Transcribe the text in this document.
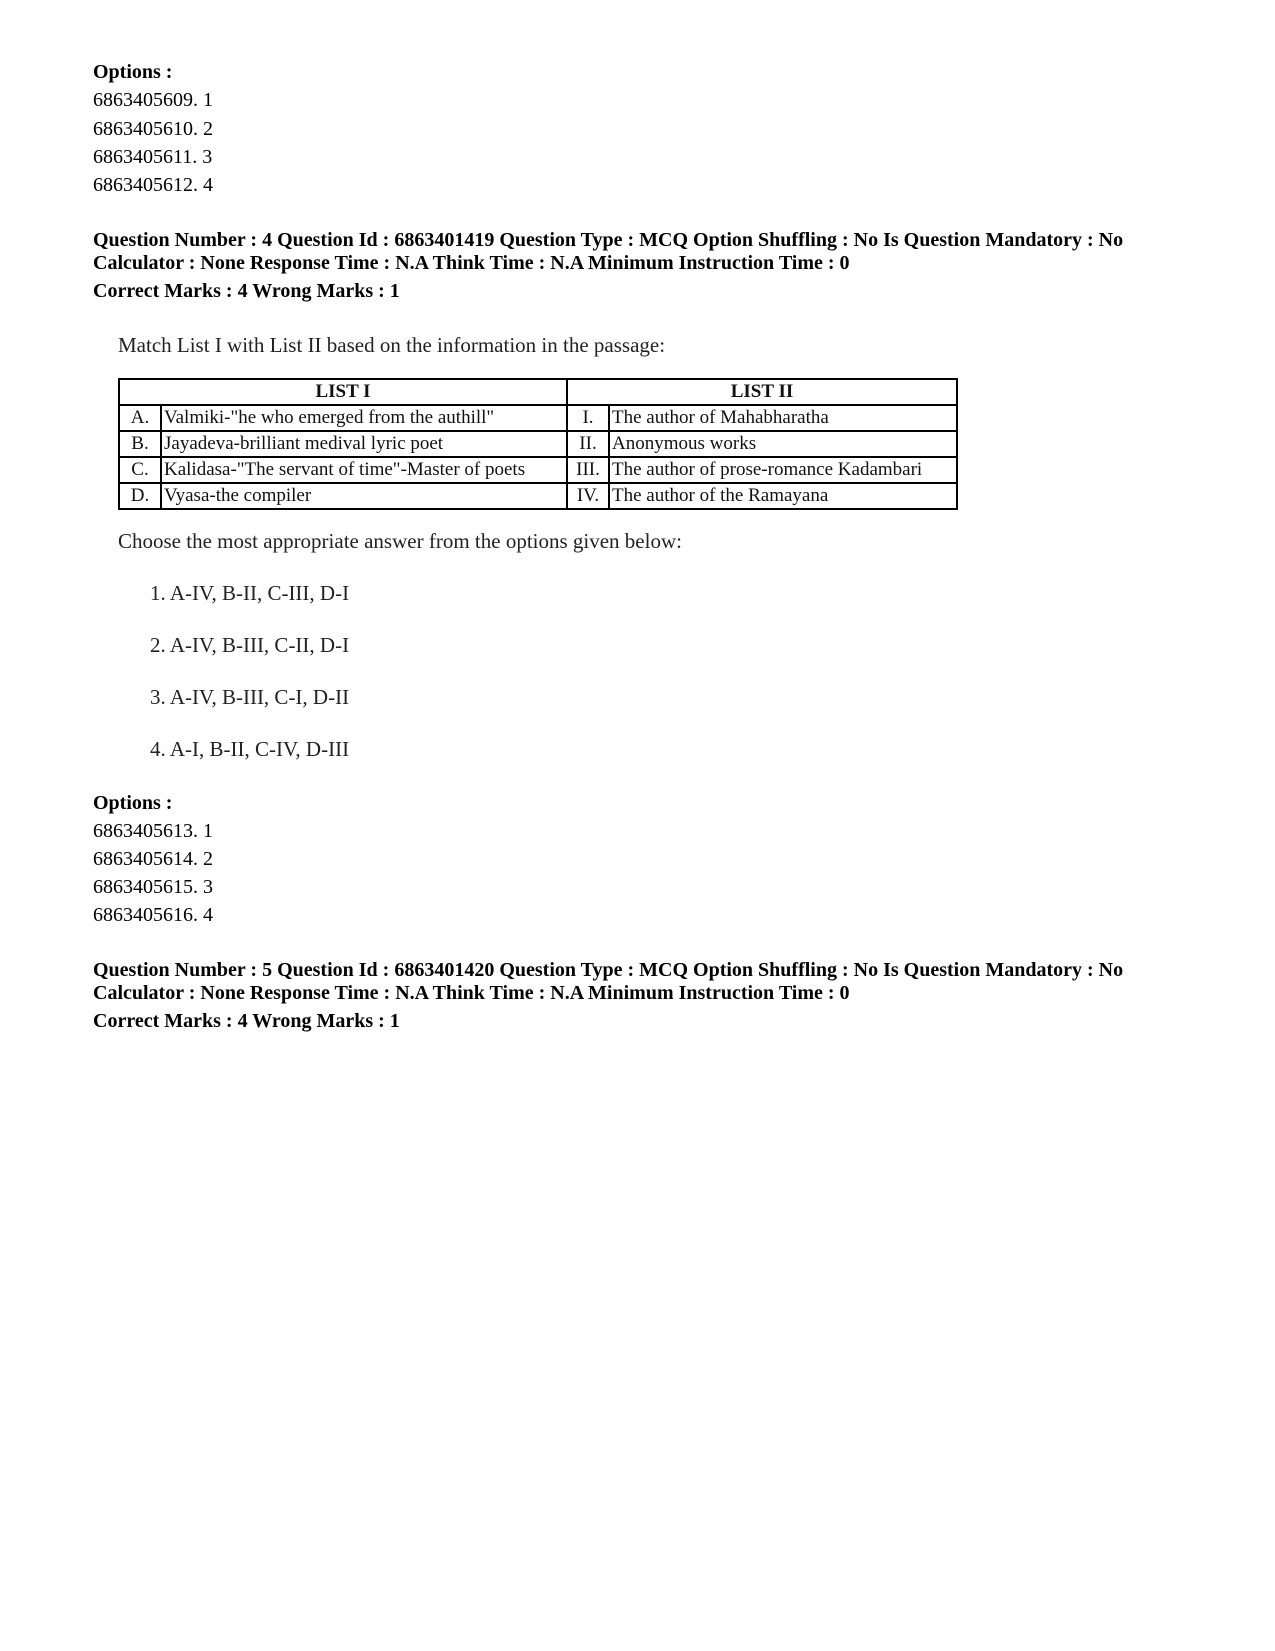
Options :
6863405609. 1
6863405610. 2
6863405611. 3
6863405612. 4
Question Number : 4 Question Id : 6863401419 Question Type : MCQ Option Shuffling : No Is Question Mandatory : No
Calculator : None Response Time : N.A Think Time : N.A Minimum Instruction Time : 0
Correct Marks : 4 Wrong Marks : 1
Match List I with List II based on the information in the passage:
LIST I		LIST II	
A.	Valmiki-"he who emerged from the authill"	I.	The author of Mahabharatha
B.	Jayadeva-brilliant medival lyric poet	II.	Anonymous works
C.	Kalidasa-"The servant of time"-Master of poets	III.	The author of prose-romance Kadambari
D.	Vyasa-the compiler	IV.	The author of the Ramayana
Choose the most appropriate answer from the options given below:
1. A-IV, B-II, C-III, D-I
2. A-IV, B-III, C-II, D-I
3. A-IV, B-III, C-I, D-II
4. A-I, B-II, C-IV, D-III
Options :
6863405613. 1
6863405614. 2
6863405615. 3
6863405616. 4
Question Number : 5 Question Id : 6863401420 Question Type : MCQ Option Shuffling : No Is Question Mandatory : No
Calculator : None Response Time : N.A Think Time : N.A Minimum Instruction Time : 0
Correct Marks : 4 Wrong Marks : 1
